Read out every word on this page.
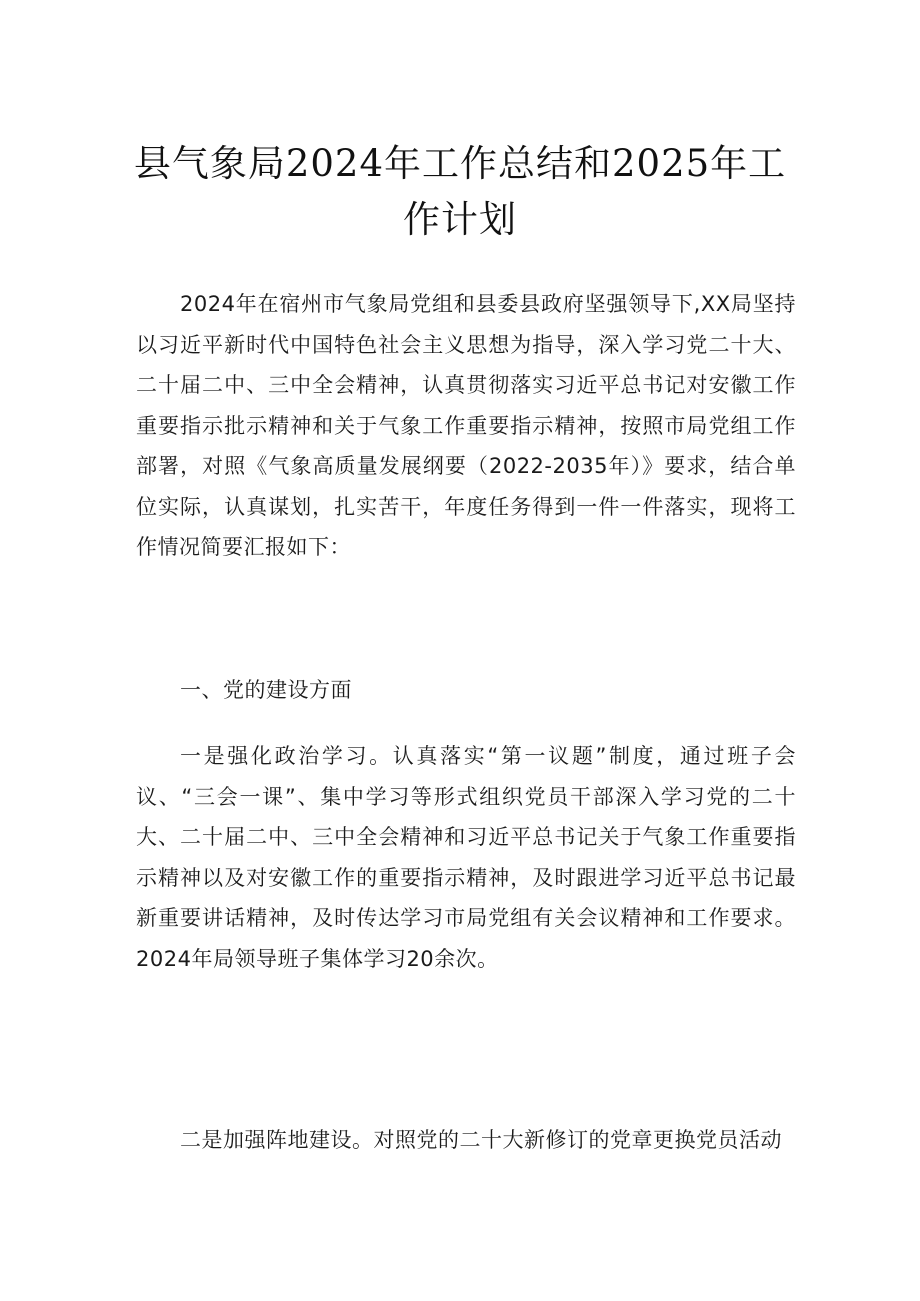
县气象局2024年工作总结和2025年工作计划

2024年在宿州市气象局党组和县委县政府坚强领导下,XX局坚持以习近平新时代中国特色社会主义思想为指导，深入学习党二十大、二十届二中、三中全会精神，认真贯彻落实习近平总书记对安徽工作重要指示批示精神和关于气象工作重要指示精神，按照市局党组工作部署，对照《气象高质量发展纲要（2022-2035年）》要求，结合单位实际，认真谋划，扎实苦干，年度任务得到一件一件落实，现将工作情况简要汇报如下：

一、党的建设方面

一是强化政治学习。认真落实“第一议题”制度，通过班子会议、“三会一课”、集中学习等形式组织党员干部深入学习党的二十大、二十届二中、三中全会精神和习近平总书记关于气象工作重要指示精神以及对安徽工作的重要指示精神，及时跟进学习近平总书记最新重要讲话精神，及时传达学习市局党组有关会议精神和工作要求。2024年局领导班子集体学习20余次。

二是加强阵地建设。对照党的二十大新修订的党章更换党员活动
